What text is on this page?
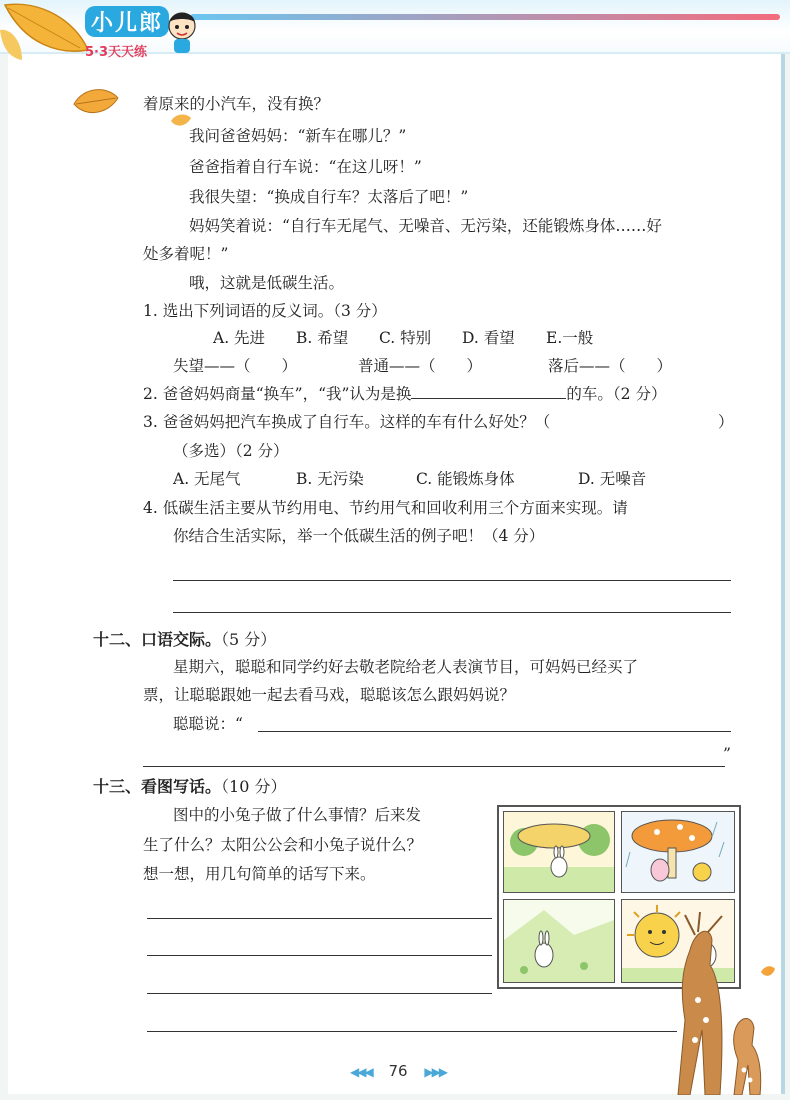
小儿郎
5·3天天练
着原来的小汽车，没有换？
我问爸爸妈妈：“新车在哪儿？”
爸爸指着自行车说：“在这儿呀！”
我很失望：“换成自行车？太落后了吧！”
妈妈笑着说：“自行车无尾气、无噪音、无污染，还能锻炼身体……好
处多着呢！”
哦，这就是低碳生活。
1. 选出下列词语的反义词。（3 分）
A. 先进 B. 希望 C. 特别 D. 看望 E.一般
失望——（　　）	普通——（　　）	落后——（　　）
2. 爸爸妈妈商量“换车”，“我”认为是换	的车。（2 分）
3. 爸爸妈妈把汽车换成了自行车。这样的车有什么好处？（	）
（多选）（2 分）
A. 无尾气	B. 无污染	C. 能锻炼身体	D. 无噪音
4. 低碳生活主要从节约用电、节约用气和回收利用三个方面来实现。请
你结合生活实际，举一个低碳生活的例子吧！（4 分）
十二、口语交际。（5 分）
星期六，聪聪和同学约好去敬老院给老人表演节目，可妈妈已经买了
票，让聪聪跟她一起去看马戏，聪聪该怎么跟妈妈说？
聪聪说：“
”
十三、看图写话。（10 分）
图中的小兔子做了什么事情？后来发
生了什么？太阳公公会和小兔子说什么？
想一想，用几句简单的话写下来。
◀◀◀ 76 ▶▶▶
